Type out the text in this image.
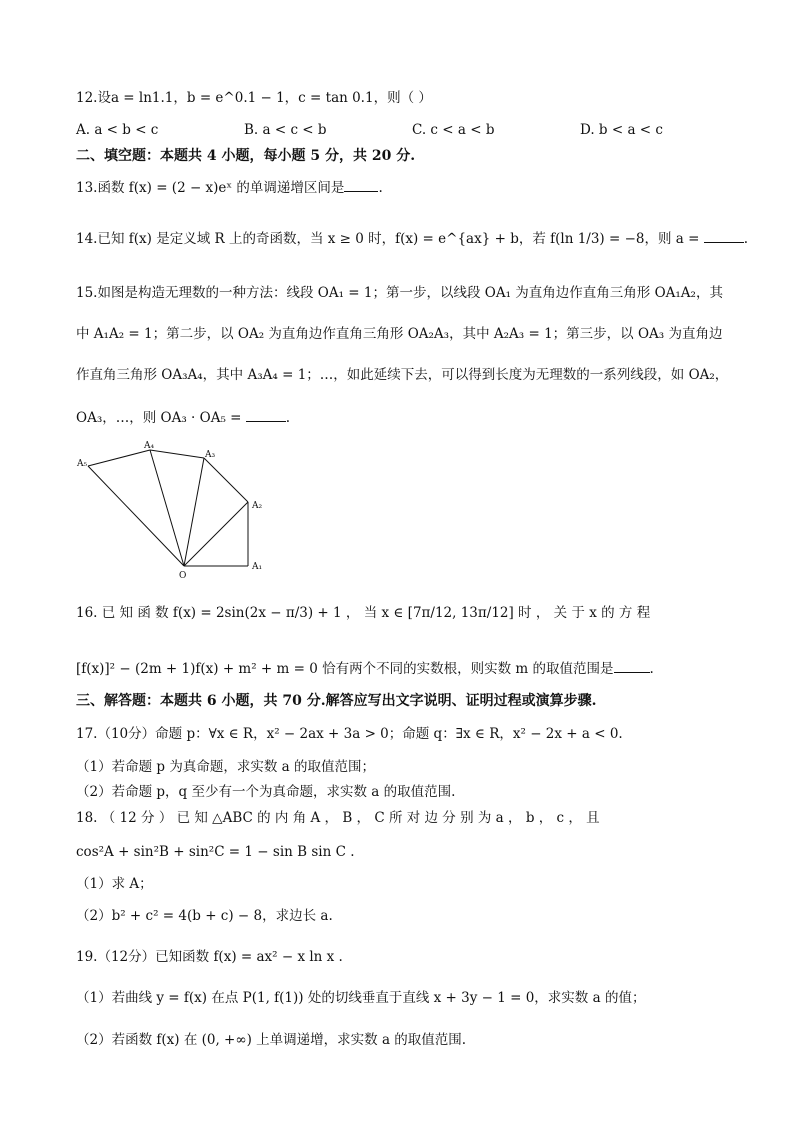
12.设a = ln1.1，b = e^0.1 − 1，c = tan 0.1，则（ ）
A. a < b < c	B. a < c < b	C. c < a < b	D. b < a < c
二、填空题：本题共 4 小题，每小题 5 分，共 20 分.
13.函数 f(x) = (2 − x)eˣ 的单调递增区间是	.
14.已知 f(x) 是定义域 R 上的奇函数，当 x ≥ 0 时，f(x) = e^{ax} + b，若 f(ln 1/3) = −8，则 a =	.
15.如图是构造无理数的一种方法：线段 OA₁ = 1；第一步，以线段 OA₁ 为直角边作直角三角形 OA₁A₂，其
中 A₁A₂ = 1；第二步，以 OA₂ 为直角边作直角三角形 OA₂A₃，其中 A₂A₃ = 1；第三步，以 OA₃ 为直角边
作直角三角形 OA₃A₄，其中 A₃A₄ = 1；…，如此延续下去，可以得到长度为无理数的一系列线段，如 OA₂，
OA₃，…，则 OA₃ · OA₅ =	.
A₅
A₄
A₃
A₂
A₁
O
16. 已 知 函 数 f(x) = 2sin(2x − π/3) + 1 ， 当 x ∈ [7π/12, 13π/12] 时 ， 关 于 x 的 方 程
[f(x)]² − (2m + 1)f(x) + m² + m = 0 恰有两个不同的实数根，则实数 m 的取值范围是	.
三、解答题：本题共 6 小题，共 70 分.解答应写出文字说明、证明过程或演算步骤.
17.（10分）命题 p：∀x ∈ R，x² − 2ax + 3a > 0；命题 q：∃x ∈ R，x² − 2x + a < 0.
（1）若命题 p 为真命题，求实数 a 的取值范围；
（2）若命题 p，q 至少有一个为真命题，求实数 a 的取值范围.
18. （ 12 分 ） 已 知 △ABC 的 内 角 A ， B ， C 所 对 边 分 别 为 a ， b ， c ， 且
cos²A + sin²B + sin²C = 1 − sin B sin C .
（1）求 A；
（2）b² + c² = 4(b + c) − 8，求边长 a.
19.（12分）已知函数 f(x) = ax² − x ln x .
（1）若曲线 y = f(x) 在点 P(1, f(1)) 处的切线垂直于直线 x + 3y − 1 = 0，求实数 a 的值；
（2）若函数 f(x) 在 (0, +∞) 上单调递增，求实数 a 的取值范围.
